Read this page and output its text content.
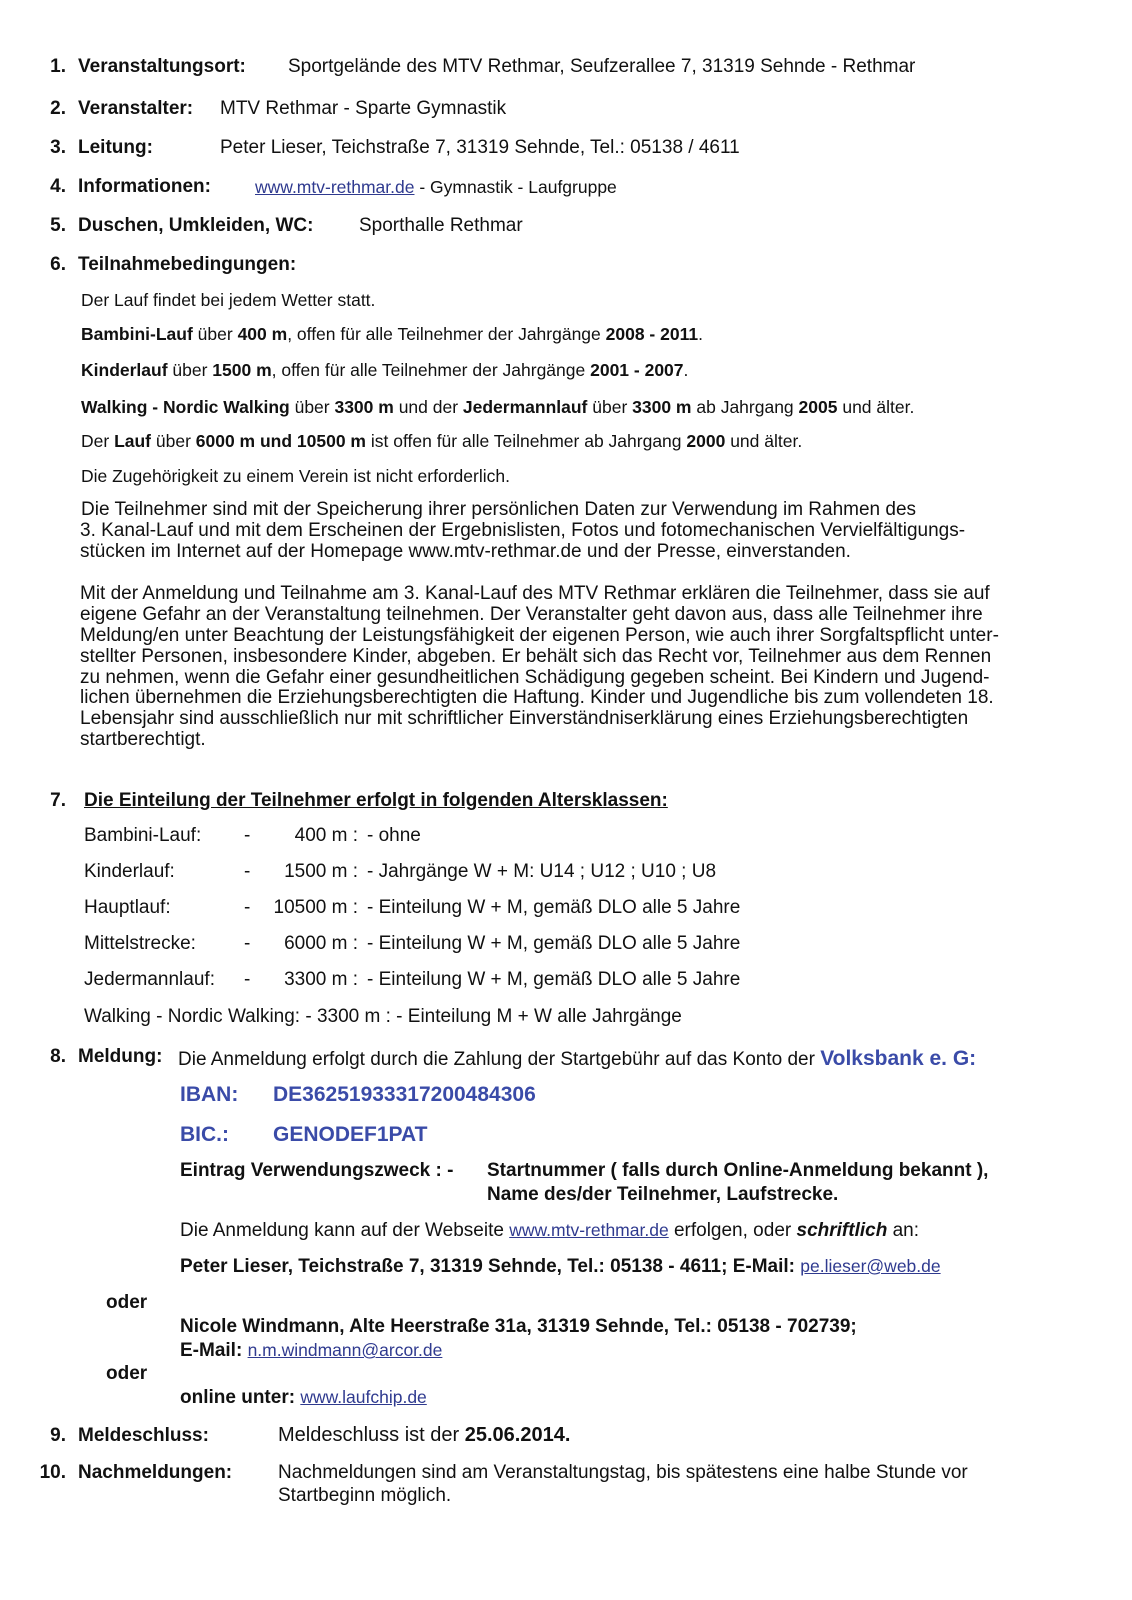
1. Veranstaltungsort: Sportgelände des MTV Rethmar, Seufzerallee 7, 31319 Sehnde - Rethmar
2. Veranstalter: MTV Rethmar - Sparte Gymnastik
3. Leitung:	Peter Lieser, Teichstraße 7, 31319 Sehnde, Tel.: 05138 / 4611
4. Informationen:	www.mtv-rethmar.de - Gymnastik - Laufgruppe
5. Duschen, Umkleiden, WC: Sporthalle Rethmar
6. Teilnahmebedingungen:
Der Lauf findet bei jedem Wetter statt.
Bambini-Lauf über 400 m, offen für alle Teilnehmer der Jahrgänge 2008 - 2011.
Kinderlauf über 1500 m, offen für alle Teilnehmer der Jahrgänge 2001 - 2007.
Walking - Nordic Walking über 3300 m und der Jedermannlauf über 3300 m ab Jahrgang 2005 und älter.
Der Lauf über 6000 m und 10500 m ist offen für alle Teilnehmer ab Jahrgang 2000 und älter.
Die Zugehörigkeit zu einem Verein ist nicht erforderlich.
Die Teilnehmer sind mit der Speicherung ihrer persönlichen Daten zur Verwendung im Rahmen des
3. Kanal-Lauf und mit dem Erscheinen der Ergebnislisten, Fotos und fotomechanischen Vervielfältigungs-
stücken im Internet auf der Homepage www.mtv-rethmar.de und der Presse, einverstanden.
Mit der Anmeldung und Teilnahme am 3. Kanal-Lauf des MTV Rethmar erklären die Teilnehmer, dass sie auf
eigene Gefahr an der Veranstaltung teilnehmen. Der Veranstalter geht davon aus, dass alle Teilnehmer ihre
Meldung/en unter Beachtung der Leistungsfähigkeit der eigenen Person, wie auch ihrer Sorgfaltspflicht unter-
stellter Personen, insbesondere Kinder, abgeben. Er behält sich das Recht vor, Teilnehmer aus dem Rennen
zu nehmen, wenn die Gefahr einer gesundheitlichen Schädigung gegeben scheint. Bei Kindern und Jugend-
lichen übernehmen die Erziehungsberechtigten die Haftung. Kinder und Jugendliche bis zum vollendeten 18.
Lebensjahr sind ausschließlich nur mit schriftlicher Einverständniserklärung eines Erziehungsberechtigten
startberechtigt.
7. Die Einteilung der Teilnehmer erfolgt in folgenden Altersklassen:
Bambini-Lauf: -	400 m : - ohne
Kinderlauf:	-	1500 m : - Jahrgänge W + M: U14 ; U12 ; U10 ; U8
Hauptlauf:	-	10500 m : - Einteilung W + M, gemäß DLO alle 5 Jahre
Mittelstrecke:	-	6000 m : - Einteilung W + M, gemäß DLO alle 5 Jahre
Jedermannlauf: -	3300 m : - Einteilung W + M, gemäß DLO alle 5 Jahre
Walking - Nordic Walking: - 3300 m : - Einteilung M + W alle Jahrgänge
8. Meldung: Die Anmeldung erfolgt durch die Zahlung der Startgebühr auf das Konto der Volksbank e. G:
IBAN: DE36251933317200484306
BIC.: GENODEF1PAT
Eintrag Verwendungszweck : - Startnummer ( falls durch Online-Anmeldung bekannt ),
Name des/der Teilnehmer, Laufstrecke.
Die Anmeldung kann auf der Webseite www.mtv-rethmar.de erfolgen, oder schriftlich an:
Peter Lieser, Teichstraße 7, 31319 Sehnde, Tel.: 05138 - 4611; E-Mail: pe.lieser@web.de
oder
Nicole Windmann, Alte Heerstraße 31a, 31319 Sehnde, Tel.: 05138 - 702739;
E-Mail: n.m.windmann@arcor.de
oder
online unter: www.laufchip.de
9. Meldeschluss:	Meldeschluss ist der 25.06.2014.
10. Nachmeldungen: Nachmeldungen sind am Veranstaltungstag, bis spätestens eine halbe Stunde vor
Startbeginn möglich.
